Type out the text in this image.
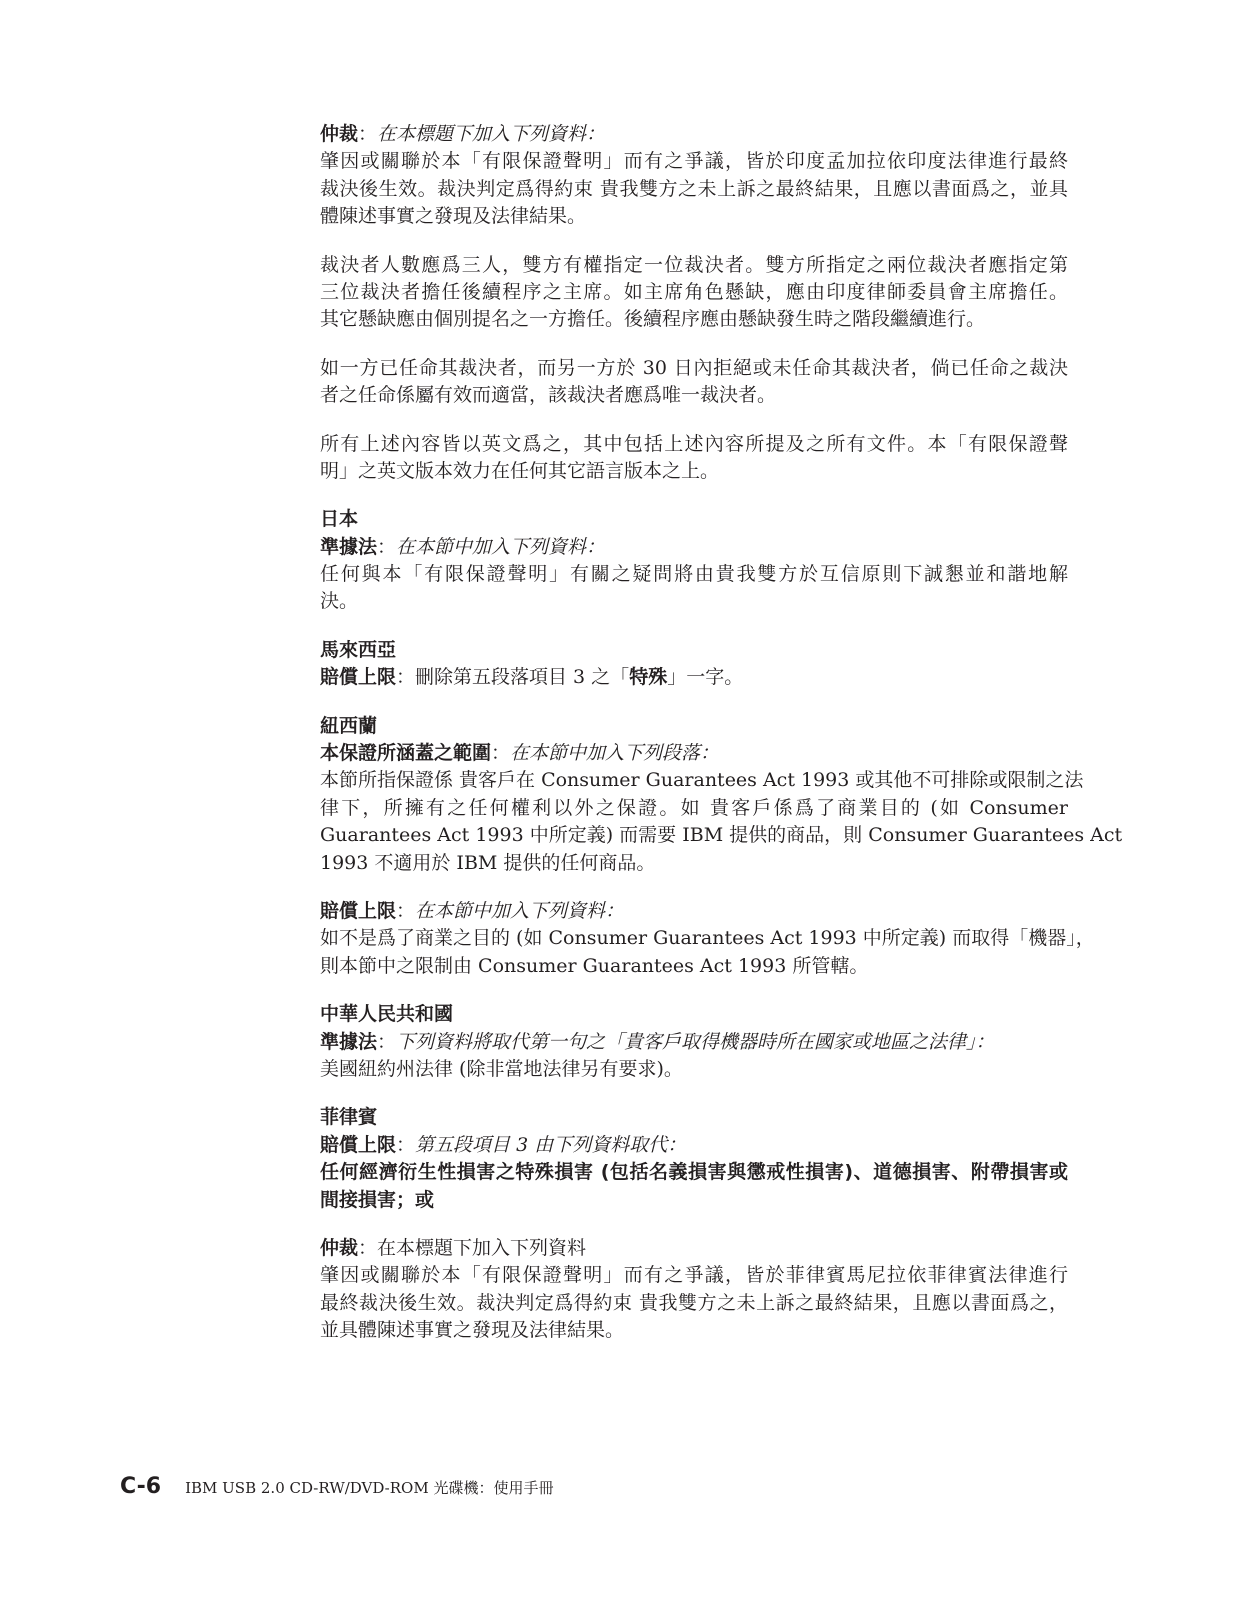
仲裁：在本標題下加入下列資料：
肇因或關聯於本「有限保證聲明」而有之爭議，皆於印度孟加拉依印度法律進行最終
裁決後生效。裁決判定爲得約束 貴我雙方之未上訴之最終結果，且應以書面爲之，並具
體陳述事實之發現及法律結果。
裁決者人數應爲三人，雙方有權指定一位裁決者。雙方所指定之兩位裁決者應指定第
三位裁決者擔任後續程序之主席。如主席角色懸缺，應由印度律師委員會主席擔任。
其它懸缺應由個別提名之一方擔任。後續程序應由懸缺發生時之階段繼續進行。
如一方已任命其裁決者，而另一方於 30 日內拒絕或未任命其裁決者，倘已任命之裁決
者之任命係屬有效而適當，該裁決者應爲唯一裁決者。
所有上述內容皆以英文爲之，其中包括上述內容所提及之所有文件。本「有限保證聲
明」之英文版本效力在任何其它語言版本之上。
日本
準據法：在本節中加入下列資料：
任何與本「有限保證聲明」有關之疑問將由貴我雙方於互信原則下誠懇並和諧地解
決。
馬來西亞
賠償上限：刪除第五段落項目 3 之「特殊」一字。
紐西蘭
本保證所涵蓋之範圍：在本節中加入下列段落：
本節所指保證係 貴客戶在 Consumer Guarantees Act 1993 或其他不可排除或限制之法
律下，所擁有之任何權利以外之保證。如 貴客戶係爲了商業目的 (如 Consumer
Guarantees Act 1993 中所定義) 而需要 IBM 提供的商品，則 Consumer Guarantees Act
1993 不適用於 IBM 提供的任何商品。
賠償上限：在本節中加入下列資料：
如不是爲了商業之目的 (如 Consumer Guarantees Act 1993 中所定義) 而取得「機器」，
則本節中之限制由 Consumer Guarantees Act 1993 所管轄。
中華人民共和國
準據法：下列資料將取代第一句之「貴客戶取得機器時所在國家或地區之法律」：
美國紐約州法律 (除非當地法律另有要求)。
菲律賓
賠償上限：第五段項目 3 由下列資料取代：
任何經濟衍生性損害之特殊損害 (包括名義損害與懲戒性損害)、道德損害、附帶損害或
間接損害；或
仲裁：在本標題下加入下列資料
肇因或關聯於本「有限保證聲明」而有之爭議，皆於菲律賓馬尼拉依菲律賓法律進行
最終裁決後生效。裁決判定爲得約束 貴我雙方之未上訴之最終結果，且應以書面爲之，
並具體陳述事實之發現及法律結果。
C-6 IBM USB 2.0 CD-RW/DVD-ROM 光碟機：使用手冊
